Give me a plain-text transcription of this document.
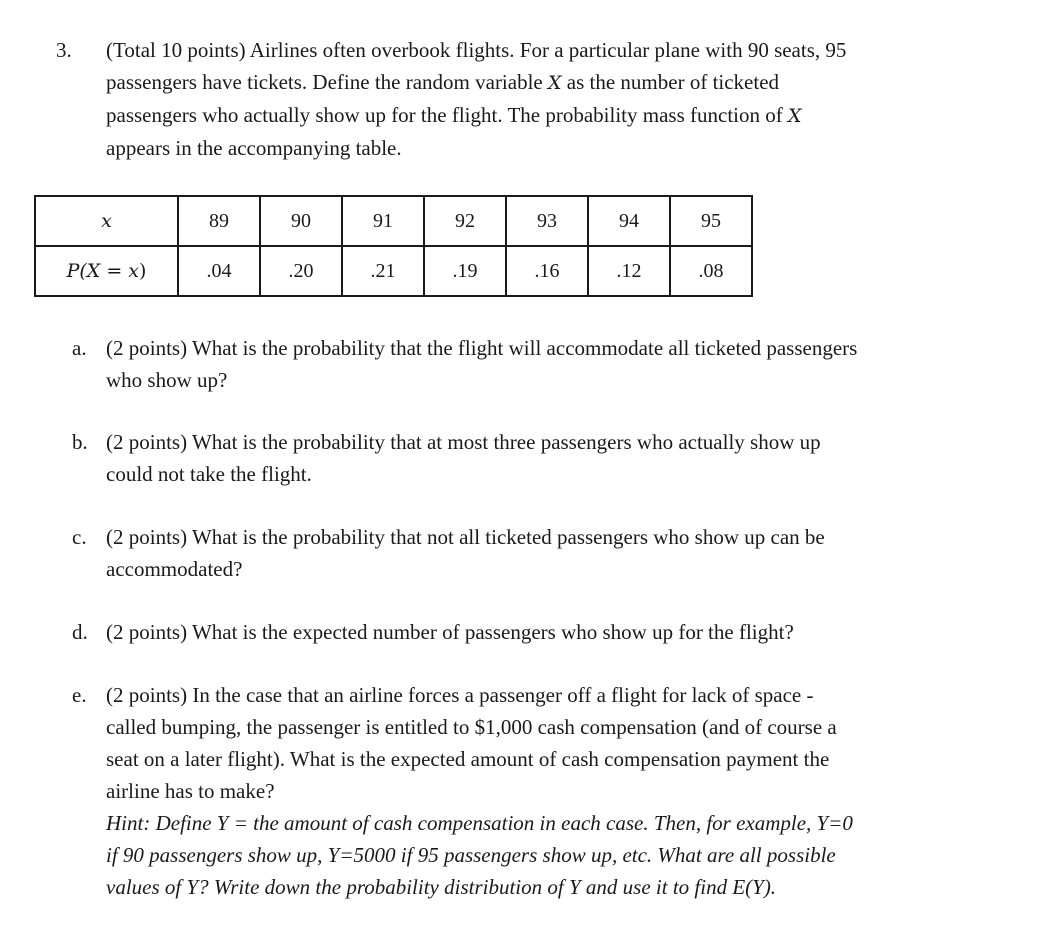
3.	(Total 10 points) Airlines often overbook flights. For a particular plane with 90 seats, 95
passengers have tickets. Define the random variable X as the number of ticketed
passengers who actually show up for the flight. The probability mass function of X
appears in the accompanying table.
x	89	90	91	92	93	94	95
P(X = x)	.04	.20	.21	.19	.16	.12	.08
a. (2 points) What is the probability that the flight will accommodate all ticketed passengers
who show up?
b. (2 points) What is the probability that at most three passengers who actually show up
could not take the flight.
c. (2 points) What is the probability that not all ticketed passengers who show up can be
accommodated?
d. (2 points) What is the expected number of passengers who show up for the flight?
e. (2 points) In the case that an airline forces a passenger off a flight for lack of space -
called bumping, the passenger is entitled to $1,000 cash compensation (and of course a
seat on a later flight). What is the expected amount of cash compensation payment the
airline has to make?
Hint: Define Y = the amount of cash compensation in each case. Then, for example, Y=0
if 90 passengers show up, Y=5000 if 95 passengers show up, etc. What are all possible
values of Y? Write down the probability distribution of Y and use it to find E(Y).
